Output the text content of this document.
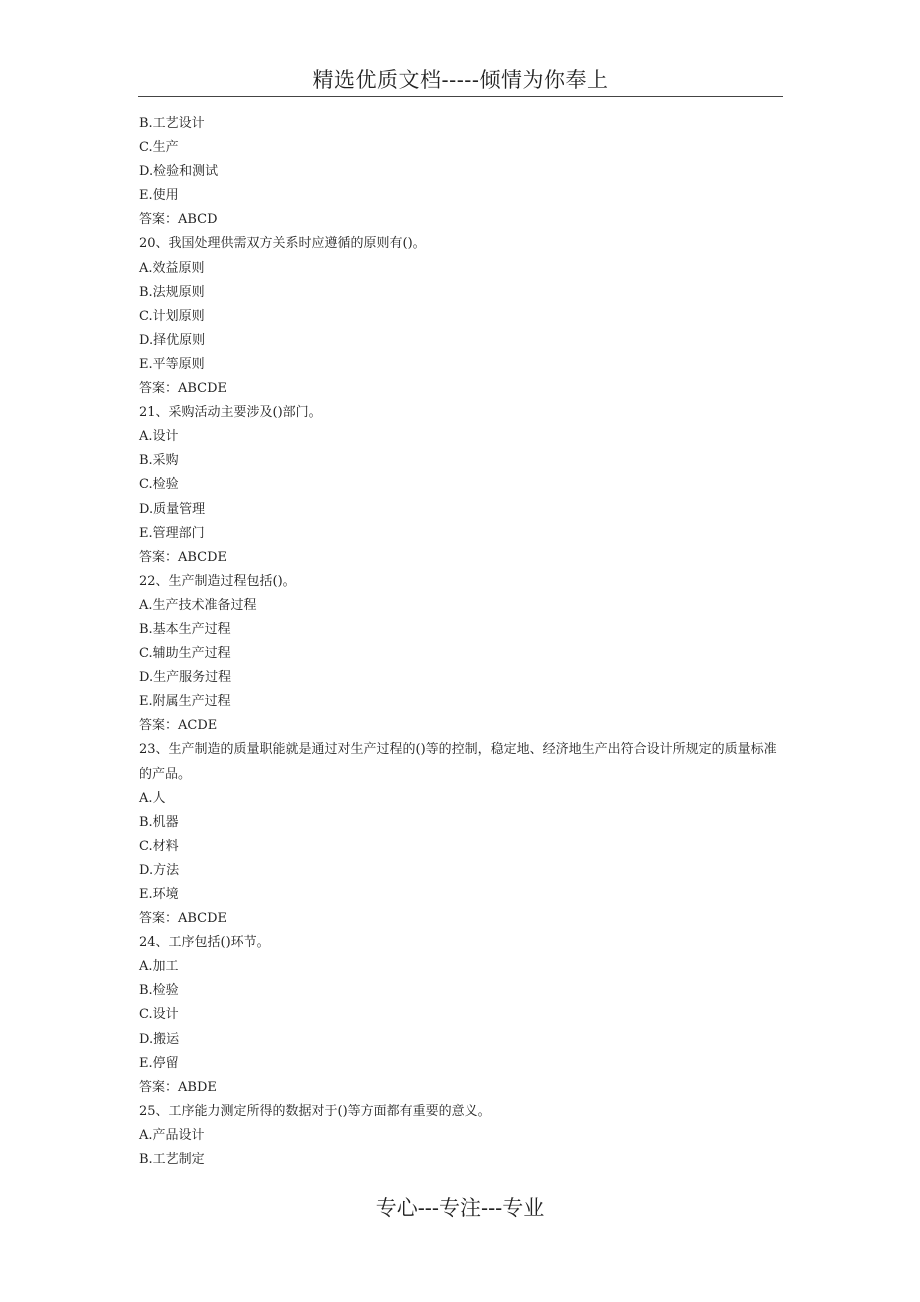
精选优质文档-----倾情为你奉上
B.工艺设计
C.生产
D.检验和测试
E.使用
答案：ABCD
20、我国处理供需双方关系时应遵循的原则有()。
A.效益原则
B.法规原则
C.计划原则
D.择优原则
E.平等原则
答案：ABCDE
21、采购活动主要涉及()部门。
A.设计
B.采购
C.检验
D.质量管理
E.管理部门
答案：ABCDE
22、生产制造过程包括()。
A.生产技术准备过程
B.基本生产过程
C.辅助生产过程
D.生产服务过程
E.附属生产过程
答案：ACDE
23、生产制造的质量职能就是通过对生产过程的()等的控制，稳定地、经济地生产出符合设计所规定的质量标准的产品。
A.人
B.机器
C.材料
D.方法
E.环境
答案：ABCDE
24、工序包括()环节。
A.加工
B.检验
C.设计
D.搬运
E.停留
答案：ABDE
25、工序能力测定所得的数据对于()等方面都有重要的意义。
A.产品设计
B.工艺制定
专心---专注---专业
